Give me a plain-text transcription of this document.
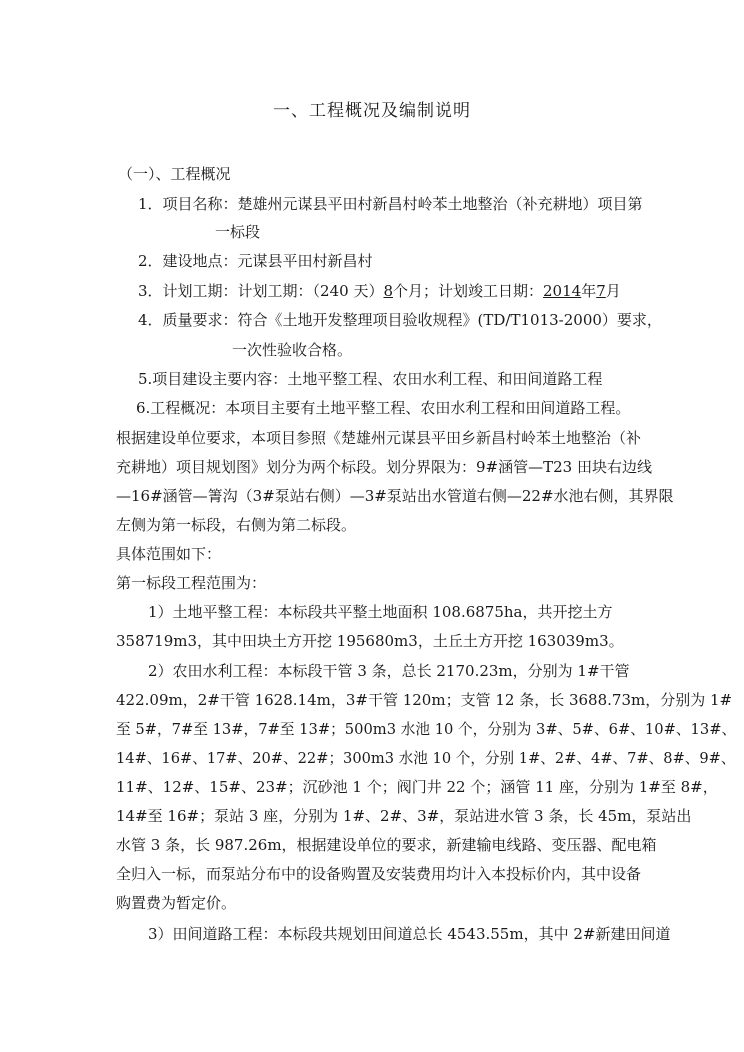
一、工程概况及编制说明
（一）、工程概况
1．项目名称：楚雄州元谋县平田村新昌村岭苯土地整治（补充耕地）项目第
一标段
2．建设地点：元谋县平田村新昌村
3．计划工期：计划工期：（240 天）8个月；计划竣工日期：2014年7月
4．质量要求：符合《土地开发整理项目验收规程》(TD/T1013-2000）要求，
一次性验收合格。
5.项目建设主要内容：土地平整工程、农田水利工程、和田间道路工程
6.工程概况：本项目主要有土地平整工程、农田水利工程和田间道路工程。
根据建设单位要求，本项目参照《楚雄州元谋县平田乡新昌村岭苯土地整治（补
充耕地）项目规划图》划分为两个标段。划分界限为：9#涵管—T23 田块右边线
—16#涵管—箐沟（3#泵站右侧）—3#泵站出水管道右侧—22#水池右侧，其界限
左侧为第一标段，右侧为第二标段。
具体范围如下：
第一标段工程范围为：
1）土地平整工程：本标段共平整土地面积 108.6875ha，共开挖土方
358719m3，其中田块土方开挖 195680m3，土丘土方开挖 163039m3。
2）农田水利工程：本标段干管 3 条，总长 2170.23m，分别为 1#干管
422.09m，2#干管 1628.14m，3#干管 120m；支管 12 条，长 3688.73m，分别为 1#
至 5#，7#至 13#，7#至 13#；500m3 水池 10 个，分别为 3#、5#、6#、10#、13#、
14#、16#、17#、20#、22#；300m3 水池 10 个，分别 1#、2#、4#、7#、8#、9#、
11#、12#、15#、23#；沉砂池 1 个；阀门井 22 个；涵管 11 座，分别为 1#至 8#，
14#至 16#；泵站 3 座，分别为 1#、2#、3#，泵站进水管 3 条，长 45m，泵站出
水管 3 条，长 987.26m，根据建设单位的要求，新建输电线路、变压器、配电箱
全归入一标，而泵站分布中的设备购置及安装费用均计入本投标价内，其中设备
购置费为暂定价。
3）田间道路工程：本标段共规划田间道总长 4543.55m，其中 2#新建田间道
